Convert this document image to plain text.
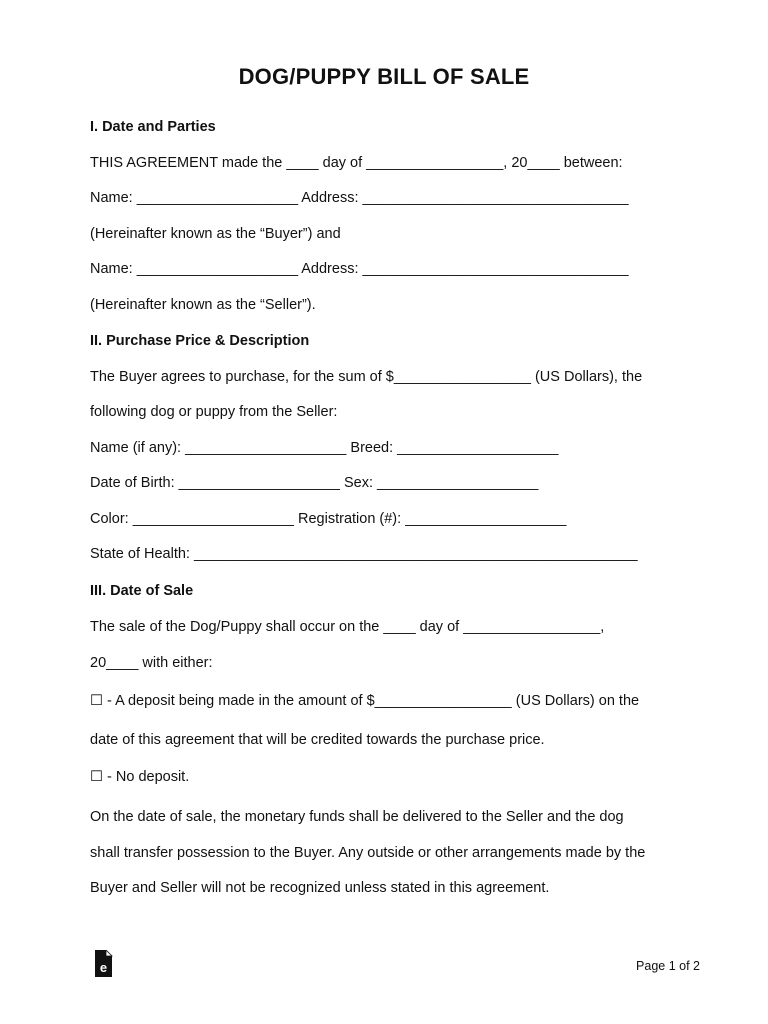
DOG/PUPPY BILL OF SALE
I. Date and Parties
THIS AGREEMENT made the ____ day of _________________, 20____ between:
Name: ____________________ Address: _________________________________
(Hereinafter known as the “Buyer”) and
Name: ____________________ Address: _________________________________
(Hereinafter known as the “Seller”).
II. Purchase Price & Description
The Buyer agrees to purchase, for the sum of $_________________ (US Dollars), the
following dog or puppy from the Seller:
Name (if any): ____________________ Breed: ____________________
Date of Birth: ____________________ Sex: ____________________
Color: ____________________ Registration (#): ____________________
State of Health: _______________________________________________________
III. Date of Sale
The sale of the Dog/Puppy shall occur on the ____ day of _________________,
20____ with either:
☐ - A deposit being made in the amount of $_________________ (US Dollars) on the
date of this agreement that will be credited towards the purchase price.
☐ - No deposit.
On the date of sale, the monetary funds shall be delivered to the Seller and the dog
shall transfer possession to the Buyer. Any outside or other arrangements made by the
Buyer and Seller will not be recognized unless stated in this agreement.
e	Page 1 of 2
